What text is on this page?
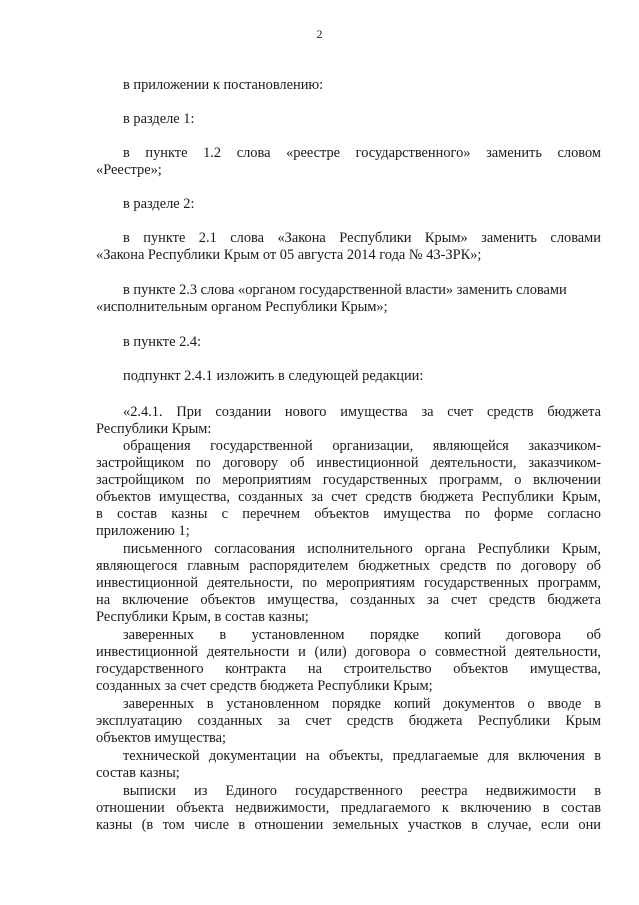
2
в приложении к постановлению:
в разделе 1:
в пункте 1.2 слова «реестре государственного» заменить словом
«Реестре»;
в разделе 2:
в пункте 2.1 слова «Закона Республики Крым» заменить словами
«Закона Республики Крым от 05 августа 2014 года № 43-ЗРК»;
в пункте 2.3 слова «органом государственной власти» заменить словами
«исполнительным органом Республики Крым»;
в пункте 2.4:
подпункт 2.4.1 изложить в следующей редакции:
«2.4.1. При создании нового имущества за счет средств бюджета
Республики Крым:
обращения государственной организации, являющейся заказчиком-
застройщиком по договору об инвестиционной деятельности, заказчиком-
застройщиком по мероприятиям государственных программ, о включении
объектов имущества, созданных за счет средств бюджета Республики Крым,
в состав казны с перечнем объектов имущества по форме согласно
приложению 1;
письменного согласования исполнительного органа Республики Крым,
являющегося главным распорядителем бюджетных средств по договору об
инвестиционной деятельности, по мероприятиям государственных программ,
на включение объектов имущества, созданных за счет средств бюджета
Республики Крым, в состав казны;
заверенных в установленном порядке копий договора об
инвестиционной деятельности и (или) договора о совместной деятельности,
государственного контракта на строительство объектов имущества,
созданных за счет средств бюджета Республики Крым;
заверенных в установленном порядке копий документов о вводе в
эксплуатацию созданных за счет средств бюджета Республики Крым
объектов имущества;
технической документации на объекты, предлагаемые для включения в
состав казны;
выписки из Единого государственного реестра недвижимости в
отношении объекта недвижимости, предлагаемого к включению в состав
казны (в том числе в отношении земельных участков в случае, если они
